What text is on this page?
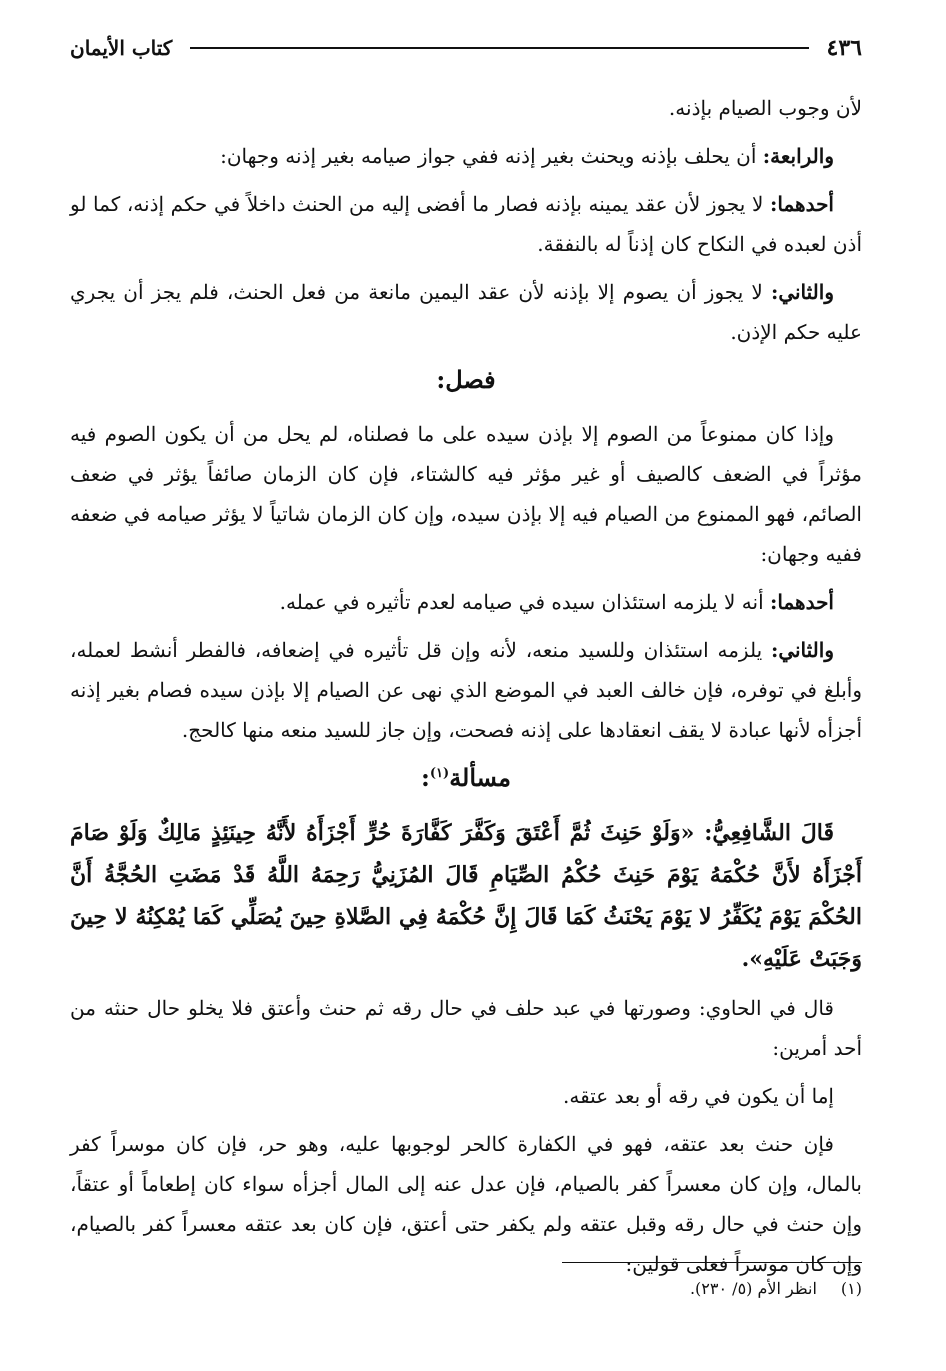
٤٣٦
كتاب الأيمان

لأن وجوب الصيام بإذنه.

والرابعة: أن يحلف بإذنه ويحنث بغير إذنه ففي جواز صيامه بغير إذنه وجهان:

أحدهما: لا يجوز لأن عقد يمينه بإذنه فصار ما أفضى إليه من الحنث داخلاً في حكم إذنه، كما لو أذن لعبده في النكاح كان إذناً له بالنفقة.

والثاني: لا يجوز أن يصوم إلا بإذنه لأن عقد اليمين مانعة من فعل الحنث، فلم يجز أن يجري عليه حكم الإذن.

فصل:

وإذا كان ممنوعاً من الصوم إلا بإذن سيده على ما فصلناه، لم يحل من أن يكون الصوم فيه مؤثراً في الضعف كالصيف أو غير مؤثر فيه كالشتاء، فإن كان الزمان صائفاً يؤثر في ضعف الصائم، فهو الممنوع من الصيام فيه إلا بإذن سيده، وإن كان الزمان شاتياً لا يؤثر صيامه في ضعفه ففيه وجهان:

أحدهما: أنه لا يلزمه استئذان سيده في صيامه لعدم تأثيره في عمله.

والثاني: يلزمه استئذان وللسيد منعه، لأنه وإن قل تأثيره في إضعافه، فالفطر أنشط لعمله، وأبلغ في توفره، فإن خالف العبد في الموضع الذي نهى عن الصيام إلا بإذن سيده فصام بغير إذنه أجزأه لأنها عبادة لا يقف انعقادها على إذنه فصحت، وإن جاز للسيد منعه منها كالحج.

مسألة$^{(١)}$:

قَالَ الشَّافِعِيُّ: «وَلَوْ حَنِثَ ثُمَّ أَعْتَقَ وَكَفَّرَ كَفَّارَةَ حُرٍّ أَجْزَأَهُ لأَنَّهُ حِينَئِذٍ مَالِكٌ وَلَوْ صَامَ أَجْزَأَهُ لأَنَّ حُكْمَهُ يَوْمَ حَنِثَ حُكْمُ الصِّيَامِ قَالَ المُزَنِيُّ رَحِمَهُ اللَّهُ قَدْ مَضَتِ الحُجَّةُ أَنَّ الحُكْمَ يَوْمَ يُكَفِّرُ لا يَوْمَ يَحْنَثُ كَمَا قَالَ إِنَّ حُكْمَهُ فِي الصَّلاةِ حِينَ يُصَلِّي كَمَا يُمْكِنُهُ لا حِينَ وَجَبَتْ عَلَيْهِ».

قال في الحاوي: وصورتها في عبد حلف في حال رقه ثم حنث وأعتق فلا يخلو حال حنثه من أحد أمرين:

إما أن يكون في رقه أو بعد عتقه.

فإن حنث بعد عتقه، فهو في الكفارة كالحر لوجوبها عليه، وهو حر، فإن كان موسراً كفر بالمال، وإن كان معسراً كفر بالصيام، فإن عدل عنه إلى المال أجزأه سواء كان إطعاماً أو عتقاً، وإن حنث في حال رقه وقبل عتقه ولم يكفر حتى أعتق، فإن كان بعد عتقه معسراً كفر بالصيام، وإن كان موسراً فعلى قولين:

(١)انظر الأم (٥/ ٢٣٠).
